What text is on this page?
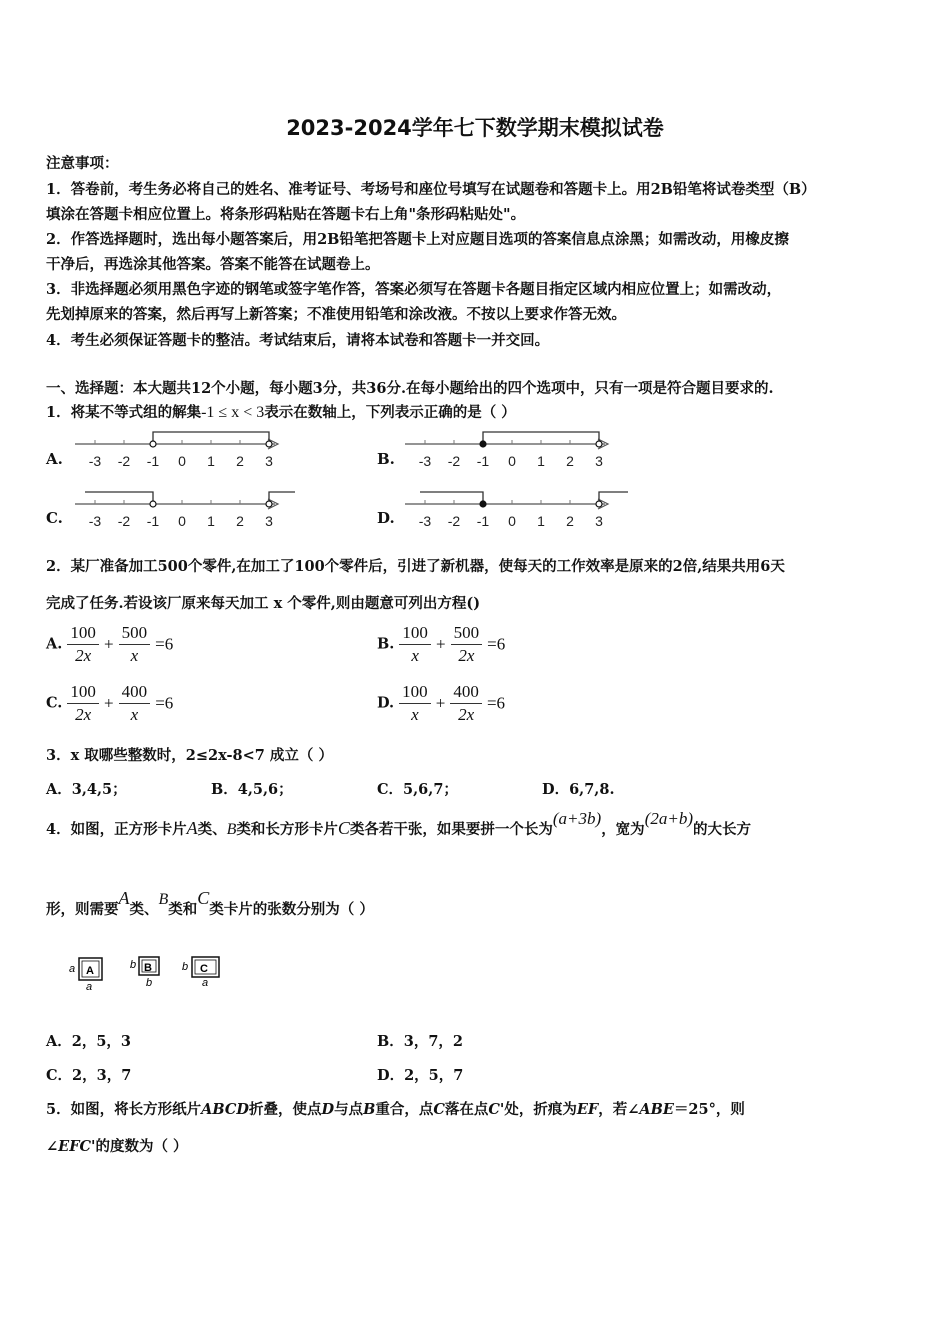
2023-2024学年七下数学期末模拟试卷
注意事项：
1．答卷前，考生务必将自己的姓名、准考证号、考场号和座位号填写在试题卷和答题卡上。用2B铅笔将试卷类型（B）
填涂在答题卡相应位置上。将条形码粘贴在答题卡右上角"条形码粘贴处"。
2．作答选择题时，选出每小题答案后，用2B铅笔把答题卡上对应题目选项的答案信息点涂黑；如需改动，用橡皮擦
干净后，再选涂其他答案。答案不能答在试题卷上。
3．非选择题必须用黑色字迹的钢笔或签字笔作答，答案必须写在答题卡各题目指定区域内相应位置上；如需改动，
先划掉原来的答案，然后再写上新答案；不准使用铅笔和涂改液。不按以上要求作答无效。
4．考生必须保证答题卡的整洁。考试结束后，请将本试卷和答题卡一并交回。
一、选择题：本大题共12个小题，每小题3分，共36分.在每小题给出的四个选项中，只有一项是符合题目要求的.
1．将某不等式组的解集-1 ≤ x < 3表示在数轴上，下列表示正确的是（ ）
A.	B.
C.	D.
-3 -2 -1 0 1 2 3	-3 -2 -1 0 1 2 3
-3 -2 -1 0 1 2 3	-3 -2 -1 0 1 2 3
2．某厂准备加工500个零件,在加工了100个零件后，引进了新机器，使每天的工作效率是原来的2倍,结果共用6天
完成了任务.若设该厂原来每天加工 x 个零件,则由题意可列出方程()
A. $\frac{100}{2x} + \frac{500}{x} =6$	B. $\frac{100}{x} + \frac{500}{2x} =6$
C. $\frac{100}{2x} + \frac{400}{x} =6$	D. $\frac{100}{x} + \frac{400}{2x} =6$
3．x 取哪些整数时，2≤2x-8<7 成立（ ）
A．3,4,5；	B．4,5,6；	C．5,6,7；	D．6,7,8.
4．如图，正方形卡片A类、B类和长方形卡片C类各若干张，如果要拼一个长为(a+3b)，宽为(2a+b)的大长方
形，则需要A类、B类和C类卡片的张数分别为（ ）
a A
a
b B
b
b C
a
A．2，5，3	B．3，7，2
C．2，3，7	D．2，5，7
5．如图，将长方形纸片ABCD折叠，使点D与点B重合，点C落在点C'处，折痕为EF，若∠ABE＝25°，则
∠EFC'的度数为（ ）
